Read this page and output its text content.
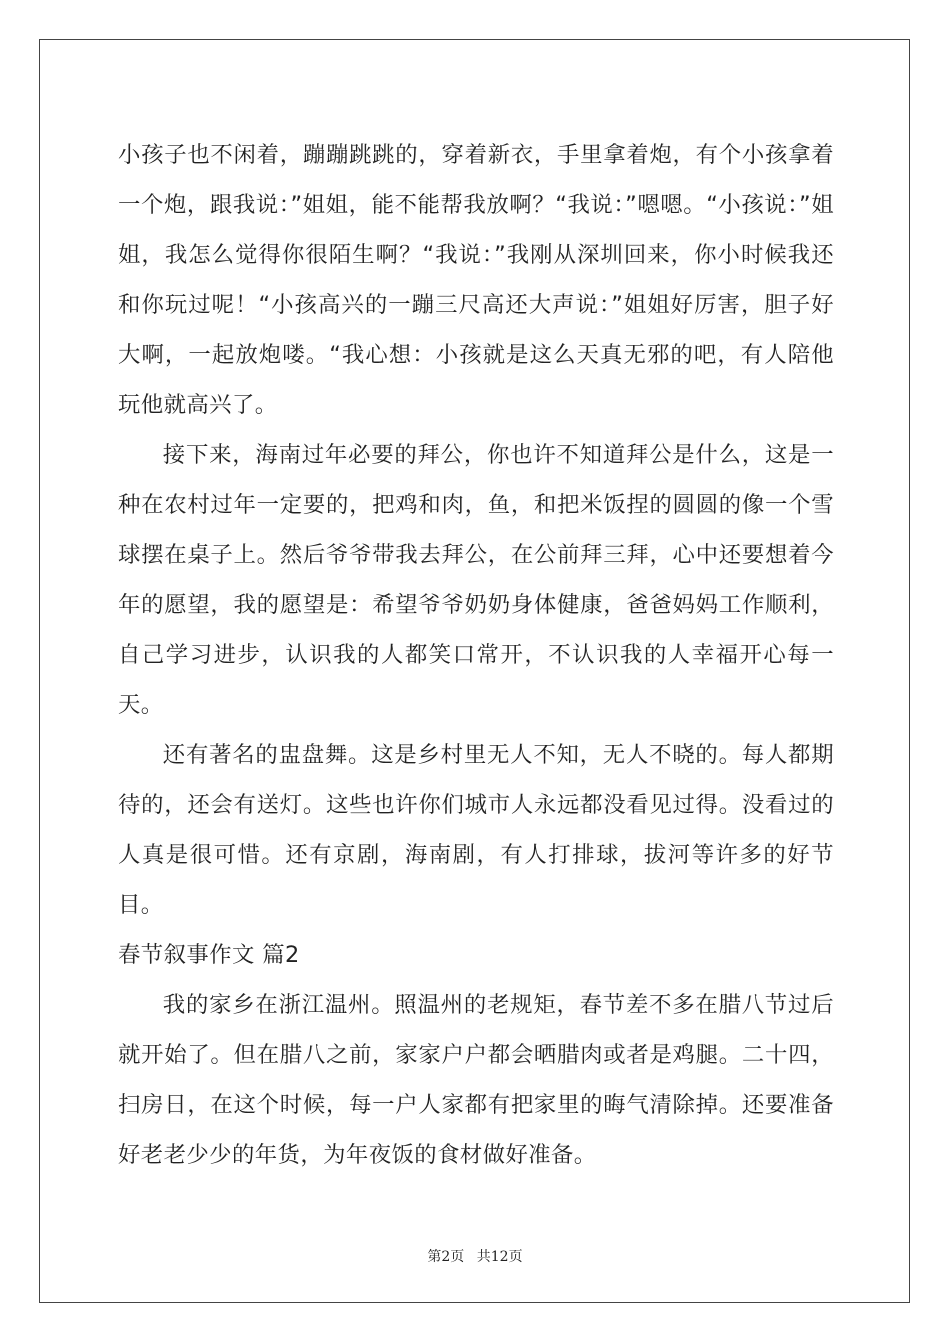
小孩子也不闲着，蹦蹦跳跳的，穿着新衣，手里拿着炮，有个小孩拿着一个炮，跟我说：”姐姐，能不能帮我放啊？“我说：”嗯嗯。“小孩说：”姐姐，我怎么觉得你很陌生啊？“我说：”我刚从深圳回来，你小时候我还和你玩过呢！“小孩高兴的一蹦三尺高还大声说：”姐姐好厉害，胆子好大啊，一起放炮喽。“我心想：小孩就是这么天真无邪的吧，有人陪他玩他就高兴了。

接下来，海南过年必要的拜公，你也许不知道拜公是什么，这是一种在农村过年一定要的，把鸡和肉，鱼，和把米饭捏的圆圆的像一个雪球摆在桌子上。然后爷爷带我去拜公，在公前拜三拜，心中还要想着今年的愿望，我的愿望是：希望爷爷奶奶身体健康，爸爸妈妈工作顺利，自己学习进步，认识我的人都笑口常开，不认识我的人幸福开心每一天。

还有著名的盅盘舞。这是乡村里无人不知，无人不晓的。每人都期待的，还会有送灯。这些也许你们城市人永远都没看见过得。没看过的人真是很可惜。还有京剧，海南剧，有人打排球，拔河等许多的好节目。

春节叙事作文 篇2

我的家乡在浙江温州。照温州的老规矩，春节差不多在腊八节过后就开始了。但在腊八之前，家家户户都会晒腊肉或者是鸡腿。二十四，扫房日，在这个时候，每一户人家都有把家里的晦气清除掉。还要准备好老老少少的年货，为年夜饭的食材做好准备。

第2页 共12页
